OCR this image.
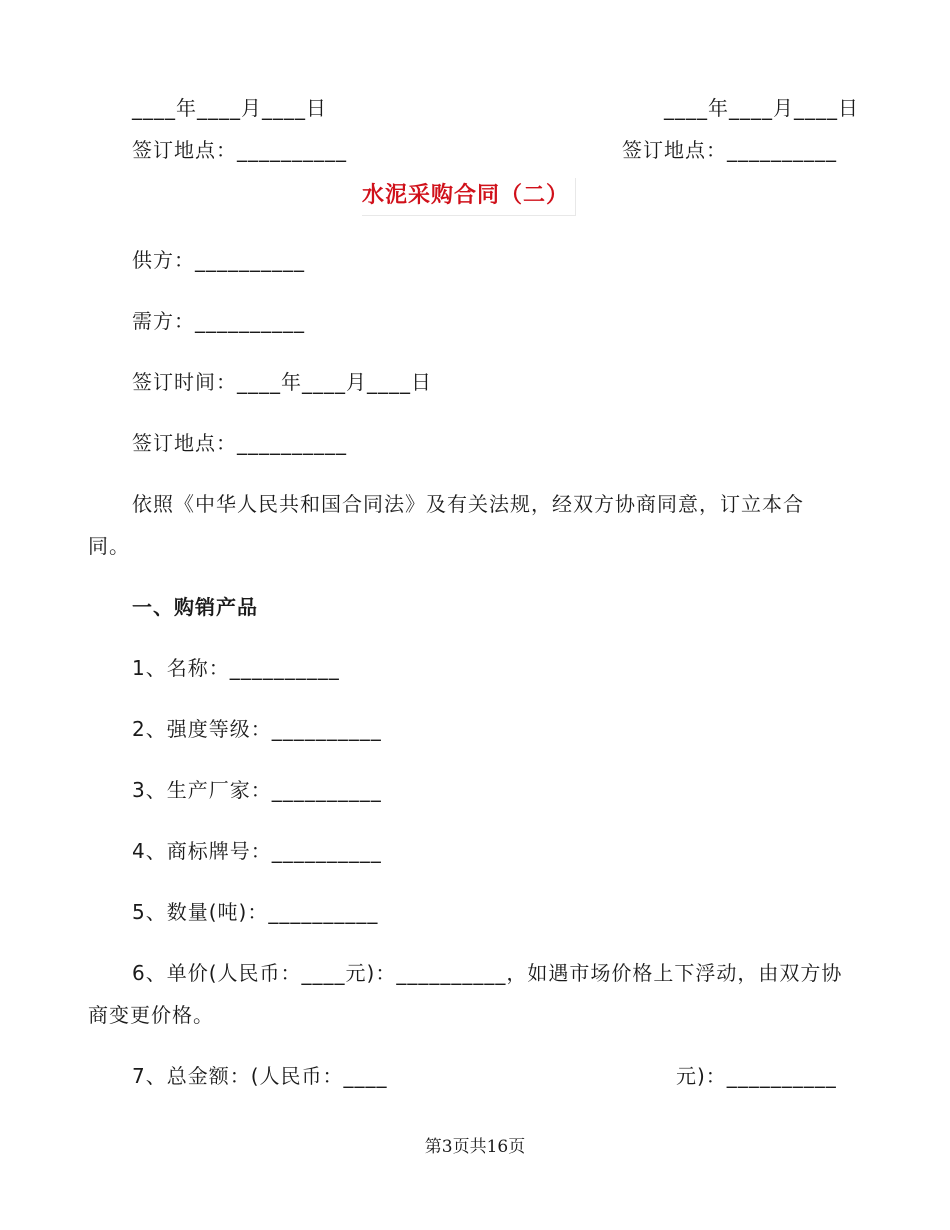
____年____月____日	____年____月____日
签订地点：__________	签订地点：__________
水泥采购合同（二）
供方：__________
需方：__________
签订时间：____年____月____日
签订地点：__________
依照《中华人民共和国合同法》及有关法规，经双方协商同意，订立本合
同。
一、购销产品
1、名称：__________
2、强度等级：__________
3、生产厂家：__________
4、商标牌号：__________
5、数量(吨)：__________
6、单价(人民币：____元)：__________，如遇市场价格上下浮动，由双方协
商变更价格。
7、总金额：(人民币：____	元)：__________
第3页共16页
